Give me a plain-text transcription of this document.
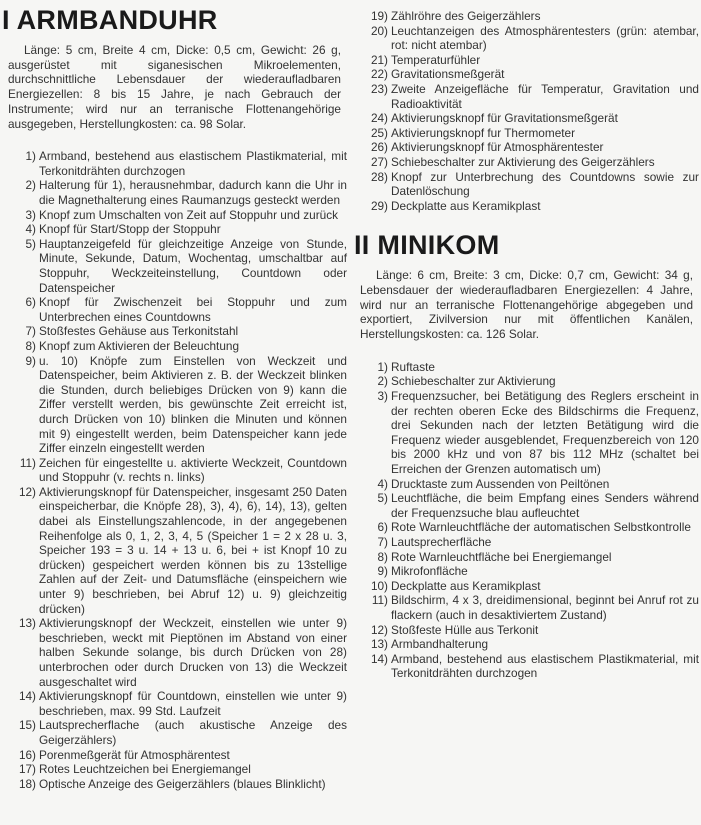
I ARMBANDUHR

Länge: 5 cm, Breite 4 cm, Dicke: 0,5 cm, Gewicht: 26 g, ausgerüstet mit siganesischen Mikroelementen, durchschnittliche Lebensdauer der wiederaufladbaren Energiezellen: 8 bis 15 Jahre, je nach Gebrauch der Instrumente; wird nur an terranische Flottenangehörige ausgegeben, Herstellungkosten: ca. 98 Solar.

1) Armband, bestehend aus elastischem Plastikmaterial, mit Terkonitdrähten durchzogen
2) Halterung für 1), herausnehmbar, dadurch kann die Uhr in die Magnethalterung eines Raumanzugs gesteckt werden
3) Knopf zum Umschalten von Zeit auf Stoppuhr und zurück
4) Knopf für Start/Stopp der Stoppuhr
5) Hauptanzeigefeld für gleichzeitige Anzeige von Stunde, Minute, Sekunde, Datum, Wochentag, umschaltbar auf Stoppuhr, Weckzeiteinstellung, Countdown oder Datenspeicher
6) Knopf für Zwischenzeit bei Stoppuhr und zum Unterbrechen eines Countdowns
7) Stoßfestes Gehäuse aus Terkonitstahl
8) Knopf zum Aktivieren der Beleuchtung
9) u. 10) Knöpfe zum Einstellen von Weckzeit und Datenspeicher, beim Aktivieren z. B. der Weckzeit blinken die Stunden, durch beliebiges Drücken von 9) kann die Ziffer verstellt werden, bis gewünschte Zeit erreicht ist, durch Drücken von 10) blinken die Minuten und können mit 9) eingestellt werden, beim Datenspeicher kann jede Ziffer einzeln eingestellt werden
11) Zeichen für eingestellte u. aktivierte Weckzeit, Countdown und Stoppuhr (v. rechts n. links)
12) Aktivierungsknopf für Datenspeicher, insgesamt 250 Daten einspeicherbar, die Knöpfe 28), 3), 4), 6), 14), 13), gelten dabei als Einstellungszahlencode, in der angegebenen Reihenfolge als 0, 1, 2, 3, 4, 5 (Speicher 1 = 2 x 28 u. 3, Speicher 193 = 3 u. 14 + 13 u. 6, bei + ist Knopf 10 zu drücken) gespeichert werden können bis zu 13stellige Zahlen auf der Zeit- und Datumsfläche (einspeichern wie unter 9) beschrieben, bei Abruf 12) u. 9) gleichzeitig drücken)
13) Aktivierungsknopf der Weckzeit, einstellen wie unter 9) beschrieben, weckt mit Pieptönen im Abstand von einer halben Sekunde solange, bis durch Drücken von 28) unterbrochen oder durch Drucken von 13) die Weckzeit ausgeschaltet wird
14) Aktivierungsknopf für Countdown, einstellen wie unter 9) beschrieben, max. 99 Std. Laufzeit
15) Lautsprecherflache (auch akustische Anzeige des Geigerzählers)
16) Porenmeßgerät für Atmosphärentest
17) Rotes Leuchtzeichen bei Energiemangel
18) Optische Anzeige des Geigerzählers (blaues Blinklicht)
19) Zählröhre des Geigerzählers
20) Leuchtanzeigen des Atmosphärentesters (grün: atembar, rot: nicht atembar)
21) Temperaturfühler
22) Gravitationsmeßgerät
23) Zweite Anzeigefläche für Temperatur, Gravitation und Radioaktivität
24) Aktivierungsknopf für Gravitationsmeßgerät
25) Aktivierungsknopf fur Thermometer
26) Aktivierungsknopf für Atmosphärentester
27) Schiebeschalter zur Aktivierung des Geigerzählers
28) Knopf zur Unterbrechung des Countdowns sowie zur Datenlöschung
29) Deckplatte aus Keramikplast
II MINIKOM

Länge: 6 cm, Breite: 3 cm, Dicke: 0,7 cm, Gewicht: 34 g, Lebensdauer der wiederaufladbaren Energiezellen: 4 Jahre, wird nur an terranische Flottenangehörige abgegeben und exportiert, Zivilversion nur mit öffentlichen Kanälen, Herstellungskosten: ca. 126 Solar.

1) Ruftaste
2) Schiebeschalter zur Aktivierung
3) Frequenzsucher, bei Betätigung des Reglers erscheint in der rechten oberen Ecke des Bildschirms die Frequenz, drei Sekunden nach der letzten Betätigung wird die Frequenz wieder ausgeblendet, Frequenzbereich von 120 bis 2000 kHz und von 87 bis 112 MHz (schaltet bei Erreichen der Grenzen automatisch um)
4) Drucktaste zum Aussenden von Peiltönen
5) Leuchtfläche, die beim Empfang eines Senders während der Frequenzsuche blau aufleuchtet
6) Rote Warnleuchtfläche der automatischen Selbstkontrolle
7) Lautsprecherfläche
8) Rote Warnleuchtfläche bei Energiemangel
9) Mikrofonfläche
10) Deckplatte aus Keramikplast
11) Bildschirm, 4 x 3, dreidimensional, beginnt bei Anruf rot zu flackern (auch in desaktiviertem Zustand)
12) Stoßfeste Hülle aus Terkonit
13) Armbandhalterung
14) Armband, bestehend aus elastischem Plastikmaterial, mit Terkonitdrähten durchzogen
